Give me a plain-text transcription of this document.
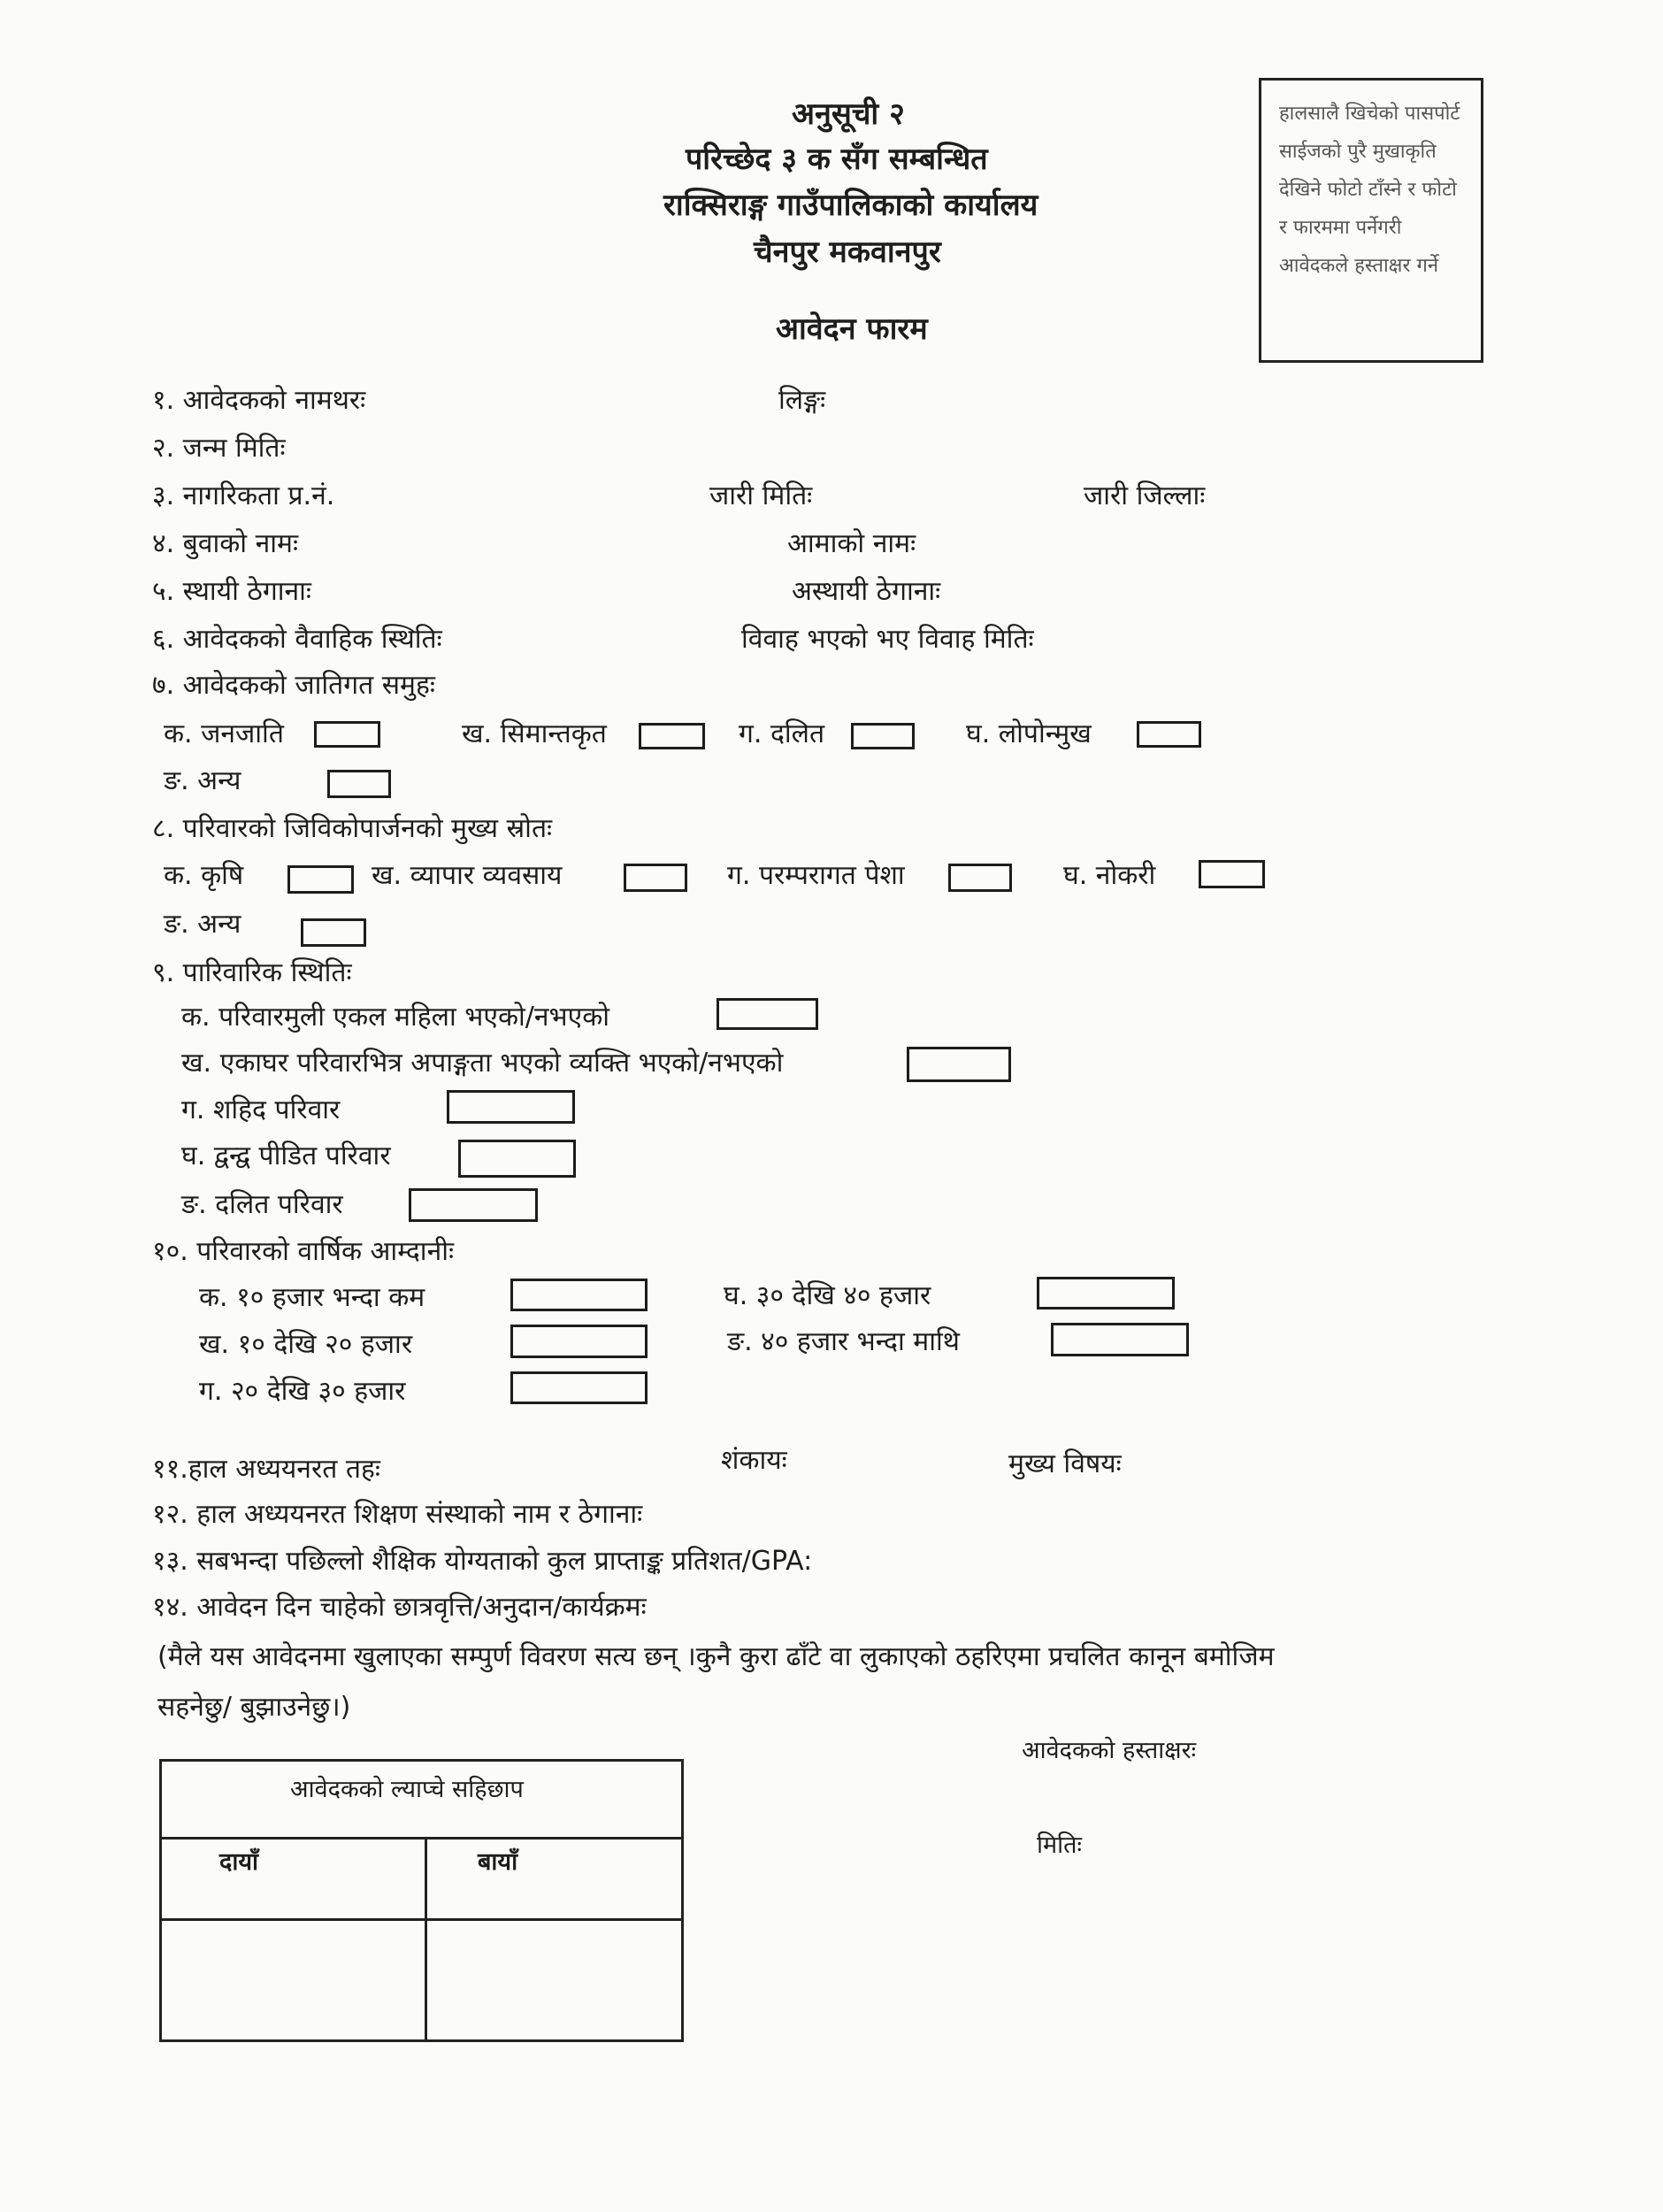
अनुसूची २
परिच्छेद ३ क सँग सम्बन्धित
राक्सिराङ्ग गाउँपालिकाको कार्यालय
चैनपुर मकवानपुर
आवेदन फारम
हालसालै खिचेको पासपोर्ट साईजको पुरै मुखाकृति देखिने फोटो टाँस्ने र फोटो र फारममा पर्नेगरी आवेदकले हस्ताक्षर गर्ने
१. आवेदकको नामथरः	लिङ्गः
२. जन्म मितिः
३. नागरिकता प्र.नं.	जारी मितिः	जारी जिल्लाः
४. बुवाको नामः	आमाको नामः
५. स्थायी ठेगानाः	अस्थायी ठेगानाः
६. आवेदकको वैवाहिक स्थितिः	विवाह भएको भए विवाह मितिः
७. आवेदकको जातिगत समुहः
क. जनजाति	ख. सिमान्तकृत	ग. दलित	घ. लोपोन्मुख
ङ. अन्य
८. परिवारको जिविकोपार्जनको मुख्य स्रोतः
क. कृषि	ख. व्यापार व्यवसाय	ग. परम्परागत पेशा	घ. नोकरी
ङ. अन्य
९. पारिवारिक स्थितिः
क. परिवारमुली एकल महिला भएको/नभएको
ख. एकाघर परिवारभित्र अपाङ्गता भएको व्यक्ति भएको/नभएको
ग. शहिद परिवार
घ. द्वन्द्व पीडित परिवार
ङ. दलित परिवार
१०. परिवारको वार्षिक आम्दानीः
क. १० हजार भन्दा कम
ख. १० देखि २० हजार
ग. २० देखि ३० हजार
घ. ३० देखि ४० हजार
ङ. ४० हजार भन्दा माथि
११.हाल अध्ययनरत तहः	शंकायः	मुख्य विषयः
१२. हाल अध्ययनरत शिक्षण संस्थाको नाम र ठेगानाः
१३. सबभन्दा पछिल्लो शैक्षिक योग्यताको कुल प्राप्ताङ्क प्रतिशत/GPA:
१४. आवेदन दिन चाहेको छात्रवृत्ति/अनुदान/कार्यक्रमः
(मैले यस आवेदनमा खुलाएका सम्पुर्ण विवरण सत्य छन् ।कुनै कुरा ढाँटे वा लुकाएको ठहरिएमा प्रचलित कानून बमोजिम
सहनेछु/ बुझाउनेछु।)
आवेदकको ल्याप्चे सहिछाप
दायाँ	बायाँ
आवेदकको हस्ताक्षरः
मितिः
